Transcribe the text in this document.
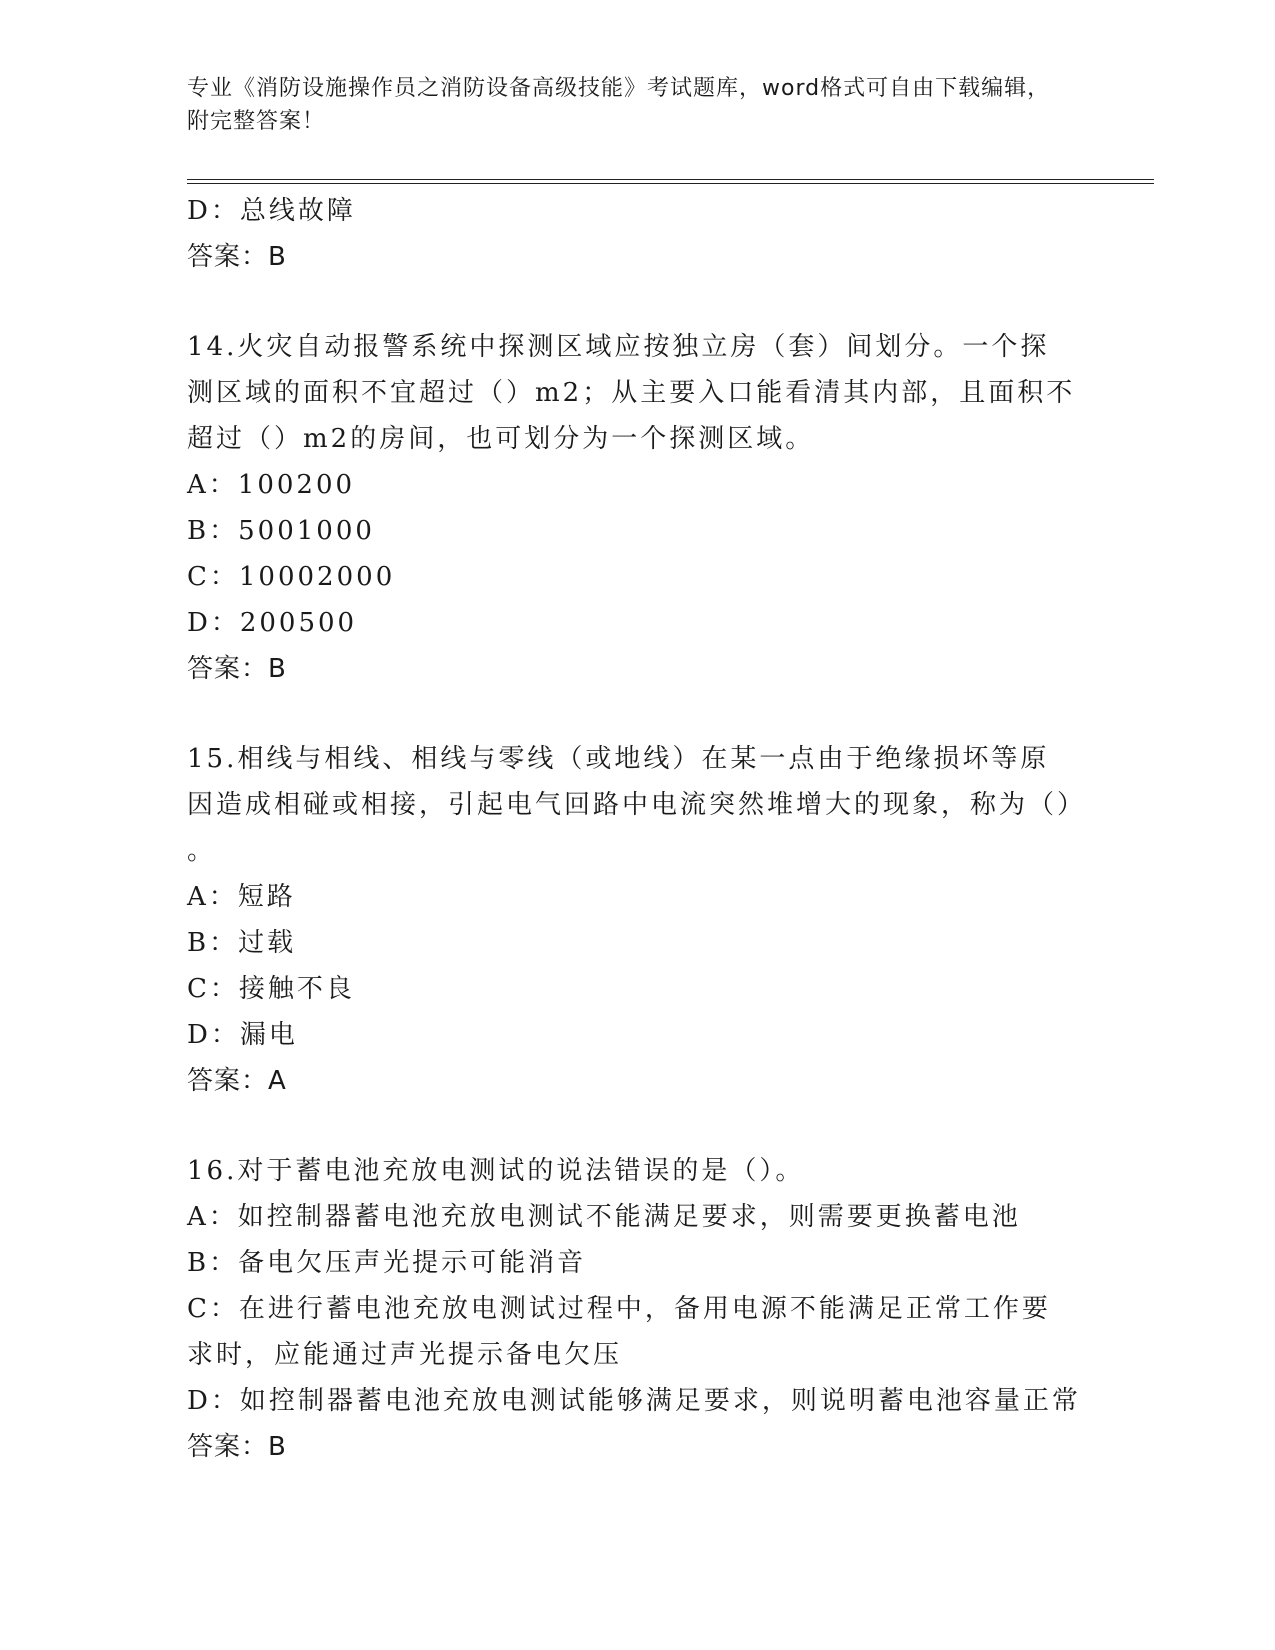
专业《消防设施操作员之消防设备高级技能》考试题库，word格式可自由下载编辑，附完整答案！
D：总线故障
答案：B
14.火灾自动报警系统中探测区域应按独立房（套）间划分。一个探测区域的面积不宜超过（）m2；从主要入口能看清其内部，且面积不超过（）m2的房间，也可划分为一个探测区域。
A：100200
B：5001000
C：10002000
D：200500
答案：B
15.相线与相线、相线与零线（或地线）在某一点由于绝缘损坏等原因造成相碰或相接，引起电气回路中电流突然堆增大的现象，称为（）
。
A：短路
B：过载
C：接触不良
D：漏电
答案：A
16.对于蓄电池充放电测试的说法错误的是（）。
A：如控制器蓄电池充放电测试不能满足要求，则需要更换蓄电池
B：备电欠压声光提示可能消音
C：在进行蓄电池充放电测试过程中，备用电源不能满足正常工作要求时，应能通过声光提示备电欠压
D：如控制器蓄电池充放电测试能够满足要求，则说明蓄电池容量正常
答案：B
